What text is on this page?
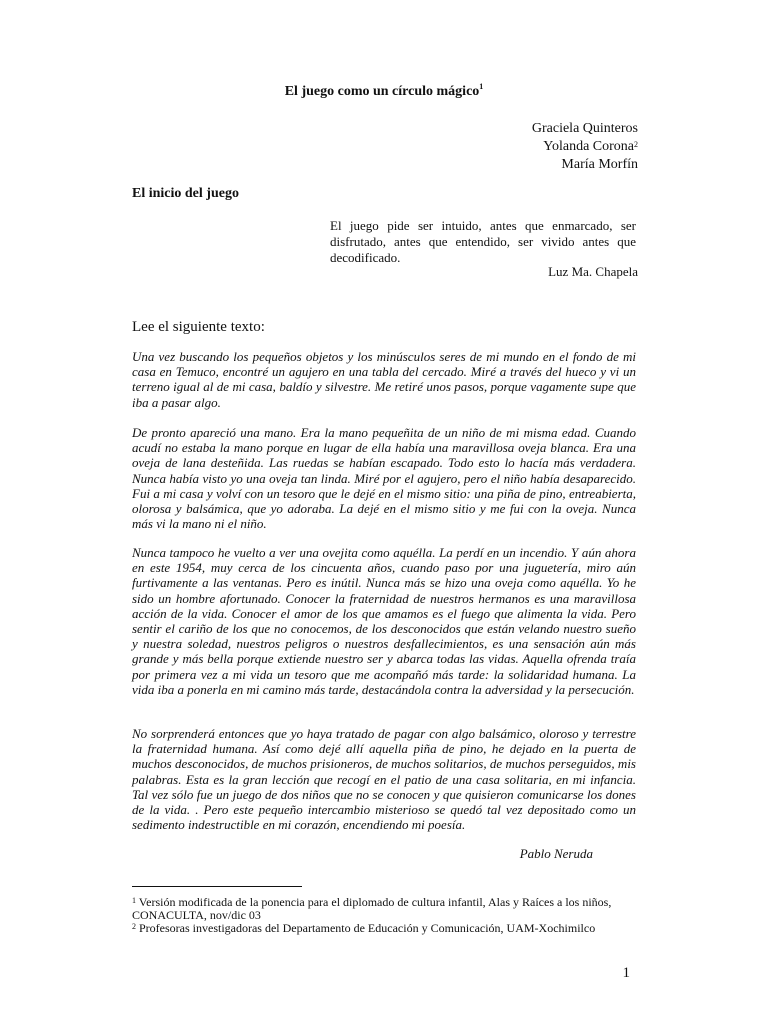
El juego como un círculo mágico$^1$
Graciela Quinteros
Yolanda Corona$^2$
María Morfín
El inicio del juego
El juego pide ser intuido, antes que enmarcado, ser disfrutado, antes que entendido, ser vivido antes que decodificado.
Luz Ma. Chapela
Lee el siguiente texto:
Una vez buscando los pequeños objetos y los minúsculos seres de mi mundo en el fondo de mi casa en Temuco, encontré un agujero en una tabla del cercado. Miré a través del hueco y vi un terreno igual al de mi casa, baldío y silvestre. Me retiré unos pasos, porque vagamente supe que iba a pasar algo.
De pronto apareció una mano. Era la mano pequeñita de un niño de mi misma edad. Cuando acudí no estaba la mano porque en lugar de ella había una maravillosa oveja blanca. Era una oveja de lana desteñida. Las ruedas se habían escapado. Todo esto lo hacía más verdadera. Nunca había visto yo una oveja tan linda. Miré por el agujero, pero el niño había desaparecido. Fui a mi casa y volví con un tesoro que le dejé en el mismo sitio: una piña de pino, entreabierta, olorosa y balsámica, que yo adoraba. La dejé en el mismo sitio y me fui con la oveja. Nunca más vi la mano ni el niño.
Nunca tampoco he vuelto a ver una ovejita como aquélla. La perdí en un incendio. Y aún ahora en este 1954, muy cerca de los cincuenta años, cuando paso por una juguetería, miro aún furtivamente a las ventanas. Pero es inútil. Nunca más se hizo una oveja como aquélla. Yo he sido un hombre afortunado. Conocer la fraternidad de nuestros hermanos es una maravillosa acción de la vida. Conocer el amor de los que amamos es el fuego que alimenta la vida. Pero sentir el cariño de los que no conocemos, de los desconocidos que están velando nuestro sueño y nuestra soledad, nuestros peligros o nuestros desfallecimientos, es una sensación aún más grande y más bella porque extiende nuestro ser y abarca todas las vidas. Aquella ofrenda traía por primera vez a mi vida un tesoro que me acompañó más tarde: la solidaridad humana. La vida iba a ponerla en mi camino más tarde, destacándola contra la adversidad y la persecución.
No sorprenderá entonces que yo haya tratado de pagar con algo balsámico, oloroso y terrestre la fraternidad humana. Así como dejé allí aquella piña de pino, he dejado en la puerta de muchos desconocidos, de muchos prisioneros, de muchos solitarios, de muchos perseguidos, mis palabras. Esta es la gran lección que recogí en el patio de una casa solitaria, en mi infancia. Tal vez sólo fue un juego de dos niños que no se conocen y que quisieron comunicarse los dones de la vida. . Pero este pequeño intercambio misterioso se quedó tal vez depositado como un sedimento indestructible en mi corazón, encendiendo mi poesía.
Pablo Neruda
$^1$ Versión modificada de la ponencia para el diplomado de cultura infantil, Alas y Raíces a los niños, CONACULTA, nov/dic 03
$^2$ Profesoras investigadoras del Departamento de Educación y Comunicación, UAM-Xochimilco
1
